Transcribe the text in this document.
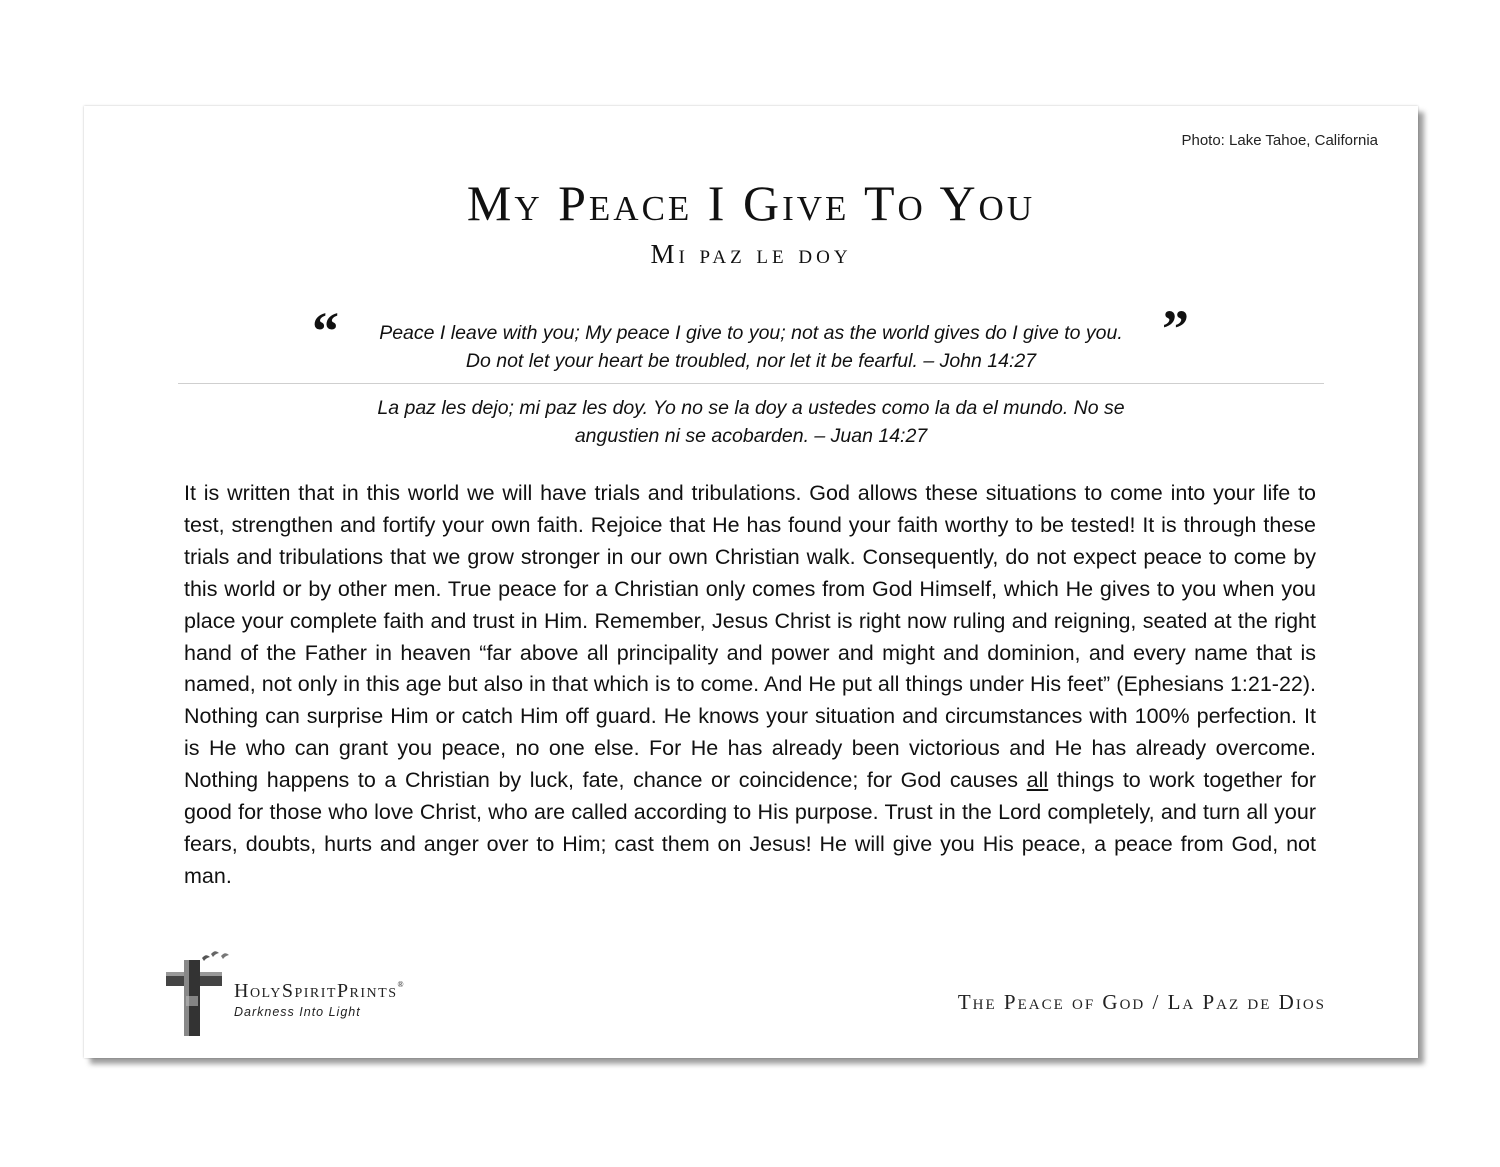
Photo: Lake Tahoe, California
My Peace I Give To You
Mi paz le doy
“	”
Peace I leave with you; My peace I give to you; not as the world gives do I give to you.
Do not let your heart be troubled, nor let it be fearful. – John 14:27
La paz les dejo; mi paz les doy. Yo no se la doy a ustedes como la da el mundo. No se
angustien ni se acobarden. – Juan 14:27

It is written that in this world we will have trials and tribulations. God allows these situations to come into your life to test, strengthen and fortify your own faith. Rejoice that He has found your faith worthy to be tested! It is through these trials and tribulations that we grow stronger in our own Christian walk. Consequently, do not expect peace to come by this world or by other men. True peace for a Christian only comes from God Himself, which He gives to you when you place your complete faith and trust in Him. Remember, Jesus Christ is right now ruling and reigning, seated at the right hand of the Father in heaven “far above all principality and power and might and dominion, and every name that is named, not only in this age but also in that which is to come. And He put all things under His feet” (Ephesians 1:21-22). Nothing can surprise Him or catch Him off guard. He knows your situation and circumstances with 100% perfection. It is He who can grant you peace, no one else. For He has already been victorious and He has already overcome. Nothing happens to a Christian by luck, fate, chance or coincidence; for God causes all things to work together for good for those who love Christ, who are called according to His purpose. Trust in the Lord completely, and turn all your fears, doubts, hurts and anger over to Him; cast them on Jesus! He will give you His peace, a peace from God, not man.

HolySpiritPrints®
Darkness Into Light	The Peace of God / La Paz de Dios
